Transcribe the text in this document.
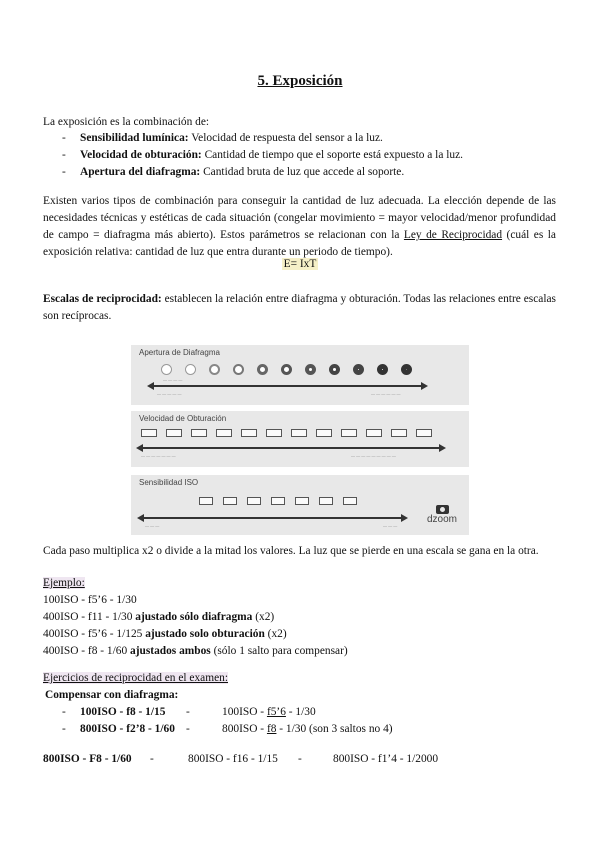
5. Exposición
La exposición es la combinación de:
- Sensibilidad lumínica: Velocidad de respuesta del sensor a la luz.
- Velocidad de obturación: Cantidad de tiempo que el soporte está expuesto a la luz.
- Apertura del diafragma: Cantidad bruta de luz que accede al soporte.
Existen varios tipos de combinación para conseguir la cantidad de luz adecuada. La elección depende de las necesidades técnicas y estéticas de cada situación (congelar movimiento = mayor velocidad/menor profundidad de campo = diafragma más abierto). Estos parámetros se relacionan con la Ley de Reciprocidad (cuál es la exposición relativa: cantidad de luz que entra durante un periodo de tiempo).
E= IxT
Escalas de reciprocidad: establecen la relación entre diafragma y obturación. Todas las relaciones entre escalas son recíprocas.
Apertura de Diafragma
— — — —
— — — — —	— — — — — —
Velocidad de Obturación
— — — — — — —	— — — — — — — — —
Sensibilidad ISO
— — —	— — —
dzoom
Cada paso multiplica x2 o divide a la mitad los valores. La luz que se pierde en una escala se gana en la otra.
Ejemplo:
100ISO - f5’6 - 1/30
400ISO - f11 - 1/30 ajustado sólo diafragma (x2)
400ISO - f5’6 - 1/125 ajustado solo obturación (x2)
400ISO - f8 - 1/60 ajustados ambos (sólo 1 salto para compensar)
Ejercicios de reciprocidad en el examen:
Compensar con diafragma:
- 100ISO - f8 - 1/15 -	100ISO - f5’6 - 1/30
- 800ISO - f2’8 - 1/60 -	800ISO - f8 - 1/30 (son 3 saltos no 4)
800ISO - F8 - 1/60 -	800ISO - f16 - 1/15 -	800ISO - f1’4 - 1/2000
